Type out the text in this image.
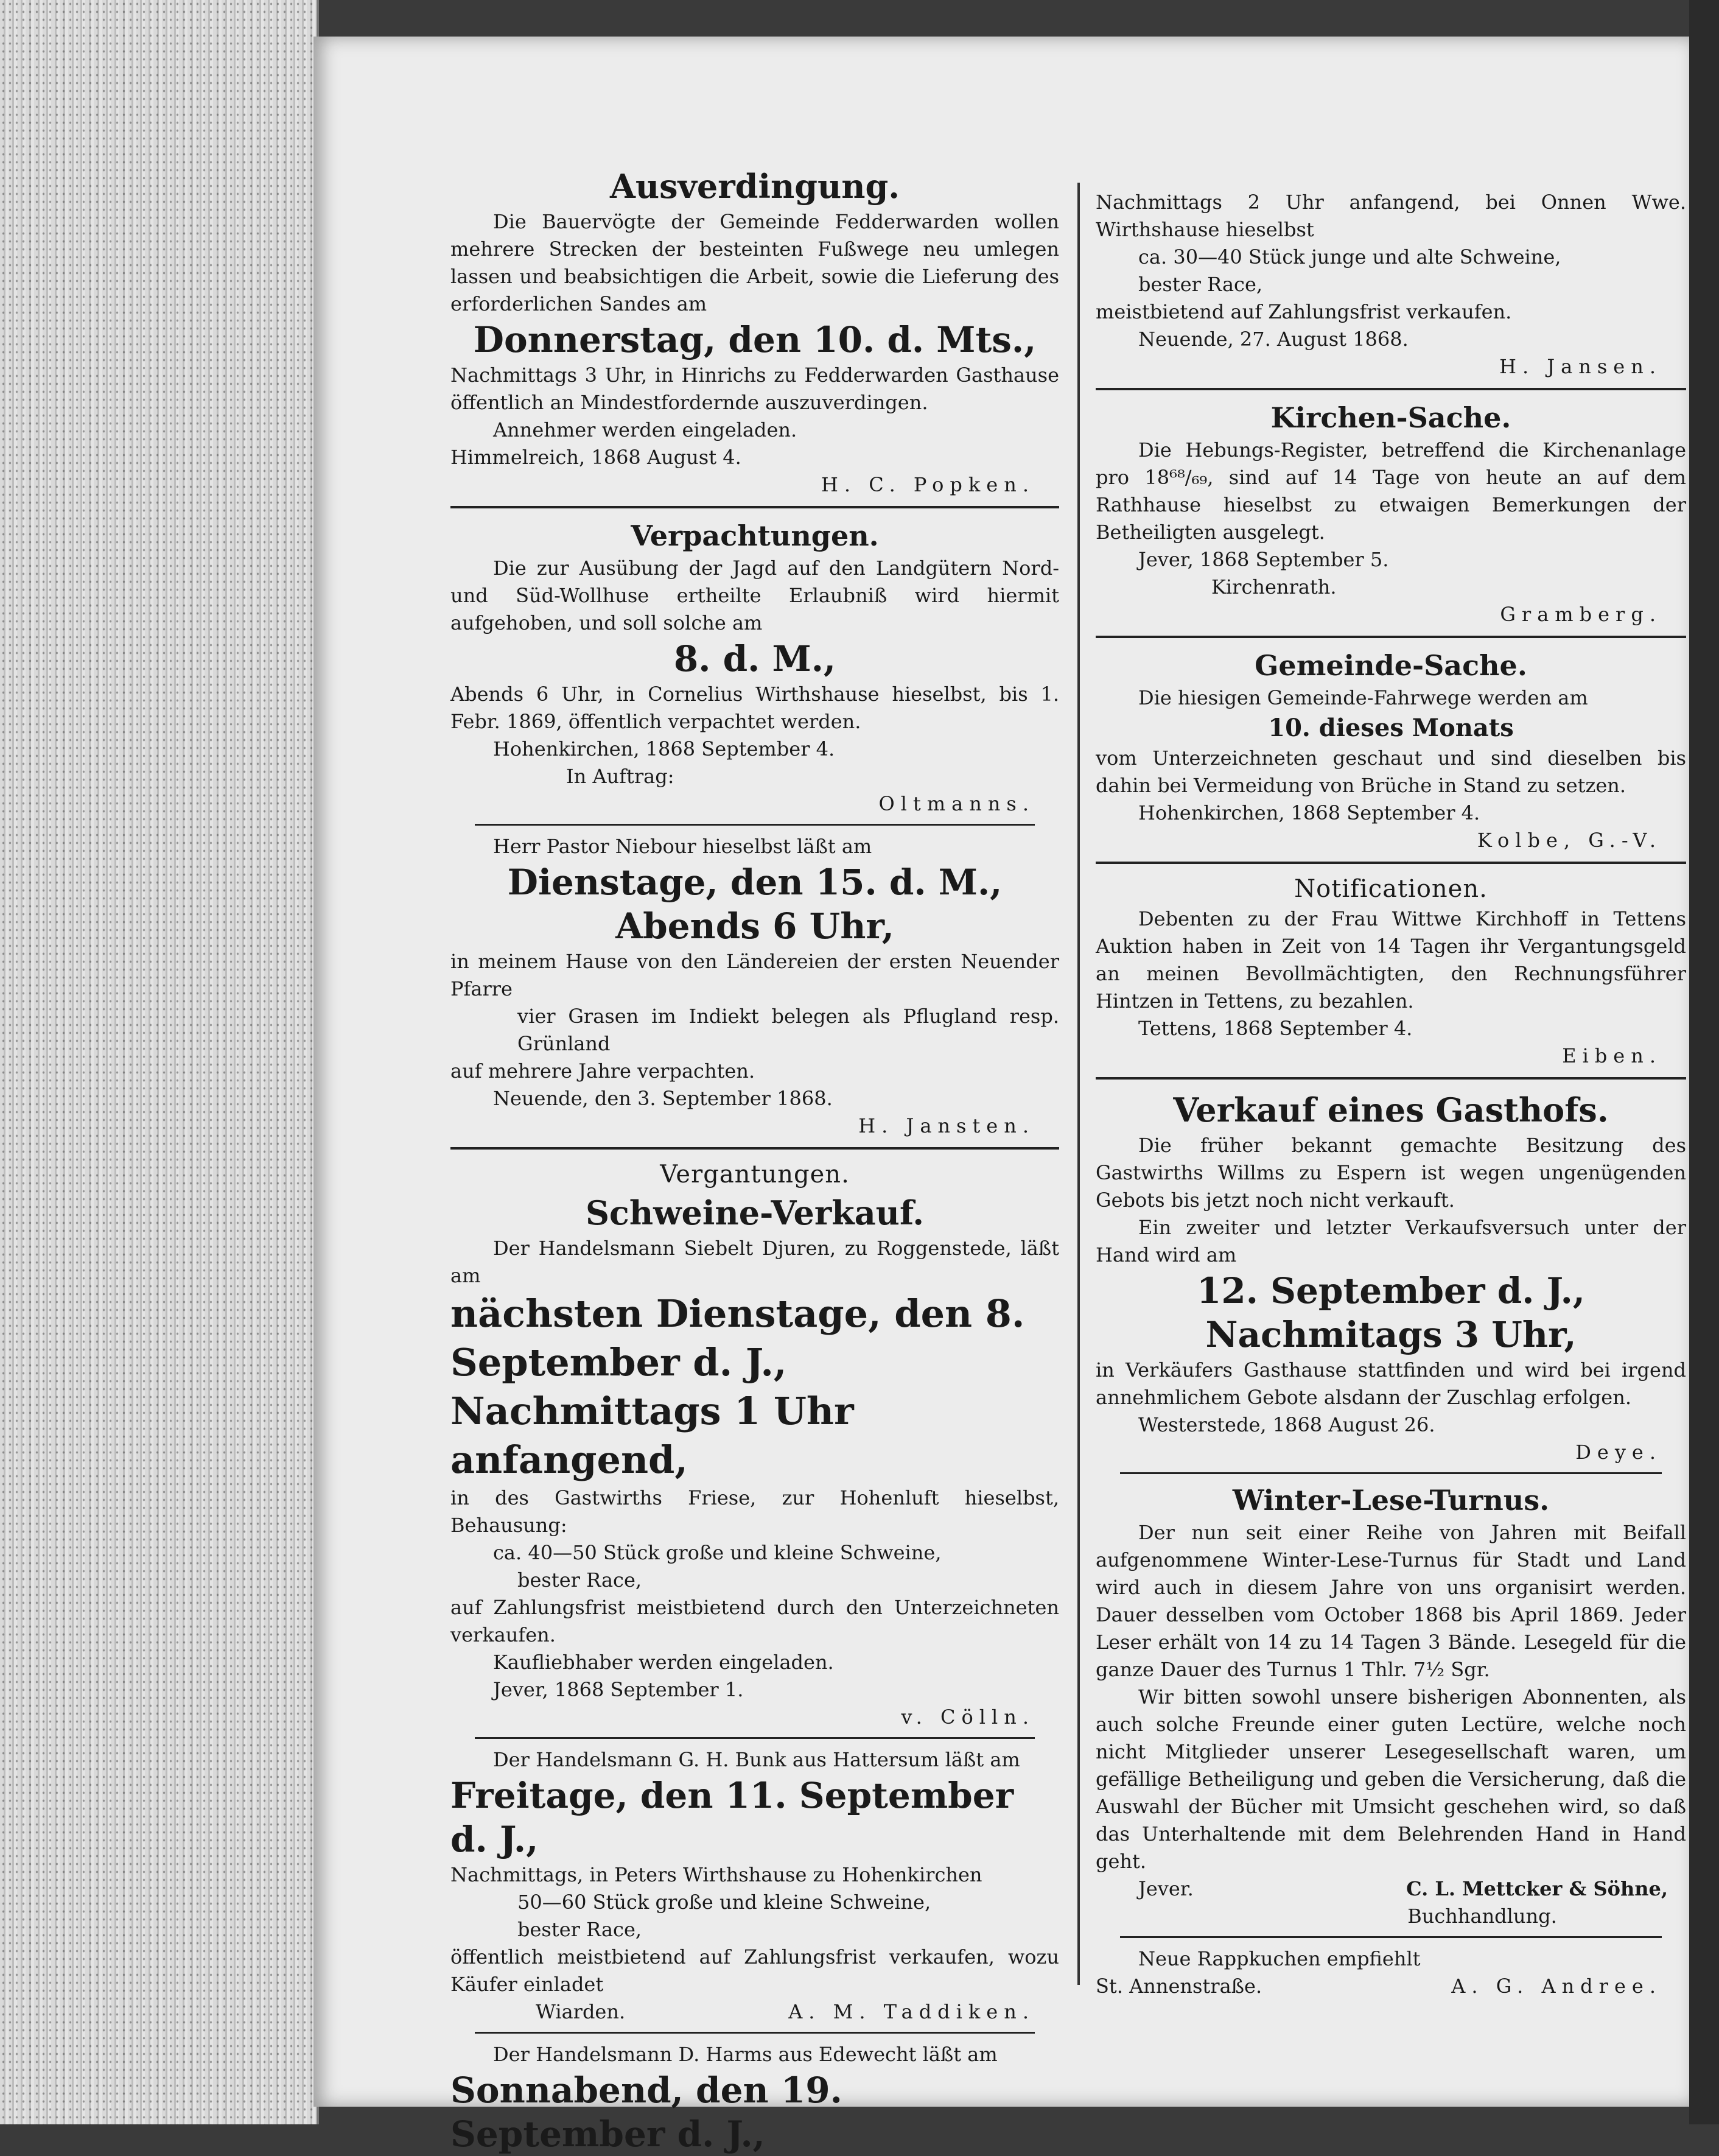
Ausverdingung.

Die Bauervögte der Gemeinde Fedderwarden wollen mehrere Strecken der besteinten Fußwege neu umlegen lassen und beabsichtigen die Arbeit, sowie die Lieferung des erforderlichen Sandes am

Donnerstag, den 10. d. Mts.,

Nachmittags 3 Uhr, in Hinrichs zu Fedderwarden Gasthause öffentlich an Mindestfordernde auszuverdingen.

Annehmer werden eingeladen.

Himmelreich, 1868 August 4.

H. C. Popken.
Verpachtungen.

Die zur Ausübung der Jagd auf den Landgütern Nord- und Süd-Wollhuse ertheilte Erlaubniß wird hiermit aufgehoben, und soll solche am

8. d. M.,

Abends 6 Uhr, in Cornelius Wirthshause hieselbst, bis 1. Febr. 1869, öffentlich verpachtet werden.

Hohenkirchen, 1868 September 4.

In Auftrag:

Oltmanns.

Herr Pastor Niebour hieselbst läßt am

Dienstage, den 15. d. M.,
Abends 6 Uhr,

in meinem Hause von den Ländereien der ersten Neuender Pfarre

vier Grasen im Indiekt belegen als Pflugland resp. Grünland

auf mehrere Jahre verpachten.

Neuende, den 3. September 1868.

H. Jansten.
Vergantungen.
Schweine-Verkauf.

Der Handelsmann Siebelt Djuren, zu Roggenstede, läßt am

nächsten Dienstage, den 8. September d. J., Nachmittags 1 Uhr anfangend,

in des Gastwirths Friese, zur Hohenluft hieselbst, Behausung:

ca. 40—50 Stück große und kleine Schweine,

bester Race,

auf Zahlungsfrist meistbietend durch den Unterzeichneten verkaufen.

Kaufliebhaber werden eingeladen.

Jever, 1868 September 1.

v. Cölln.

Der Handelsmann G. H. Bunk aus Hattersum läßt am

Freitage, den 11. September d. J.,

Nachmittags, in Peters Wirthshause zu Hohenkirchen

50—60 Stück große und kleine Schweine,

bester Race,

öffentlich meistbietend auf Zahlungsfrist verkaufen, wozu Käufer einladet

Wiarden.	A. M. Taddiken.

Der Handelsmann D. Harms aus Edewecht läßt am

Sonnabend, den 19. September d. J.,

Nachmittags 2 Uhr anfangend, bei Onnen Wwe. Wirthshause hieselbst

ca. 30—40 Stück junge und alte Schweine,

bester Race,

meistbietend auf Zahlungsfrist verkaufen.

Neuende, 27. August 1868.

H. Jansen.
Kirchen-Sache.

Die Hebungs-Register, betreffend die Kirchenanlage pro 18⁶⁸/₆₉, sind auf 14 Tage von heute an auf dem Rathhause hieselbst zu etwaigen Bemerkungen der Betheiligten ausgelegt.

Jever, 1868 September 5.

Kirchenrath.

Gramberg.
Gemeinde-Sache.

Die hiesigen Gemeinde-Fahrwege werden am

10. dieses Monats

vom Unterzeichneten geschaut und sind dieselben bis dahin bei Vermeidung von Brüche in Stand zu setzen.

Hohenkirchen, 1868 September 4.

Kolbe, G.-V.
Notificationen.

Debenten zu der Frau Wittwe Kirchhoff in Tettens Auktion haben in Zeit von 14 Tagen ihr Vergantungsgeld an meinen Bevollmächtigten, den Rechnungsführer Hintzen in Tettens, zu bezahlen.

Tettens, 1868 September 4.

Eiben.
Verkauf eines Gasthofs.

Die früher bekannt gemachte Besitzung des Gastwirths Willms zu Espern ist wegen ungenügenden Gebots bis jetzt noch nicht verkauft.

Ein zweiter und letzter Verkaufsversuch unter der Hand wird am

12. September d. J.,
Nachmitags 3 Uhr,

in Verkäufers Gasthause stattfinden und wird bei irgend annehmlichem Gebote alsdann der Zuschlag erfolgen.

Westerstede, 1868 August 26.

Deye.
Winter-Lese-Turnus.

Der nun seit einer Reihe von Jahren mit Beifall aufgenommene Winter-Lese-Turnus für Stadt und Land wird auch in diesem Jahre von uns organisirt werden. Dauer desselben vom October 1868 bis April 1869. Jeder Leser erhält von 14 zu 14 Tagen 3 Bände. Lesegeld für die ganze Dauer des Turnus 1 Thlr. 7½ Sgr.

Wir bitten sowohl unsere bisherigen Abonnenten, als auch solche Freunde einer guten Lectüre, welche noch nicht Mitglieder unserer Lesegesellschaft waren, um gefällige Betheiligung und geben die Versicherung, daß die Auswahl der Bücher mit Umsicht geschehen wird, so daß das Unterhaltende mit dem Belehrenden Hand in Hand geht.

Jever.	C. L. Mettcker & Söhne,
Buchhandlung.

Neue Rappkuchen empfiehlt

St. Annenstraße.	A. G. Andree.
